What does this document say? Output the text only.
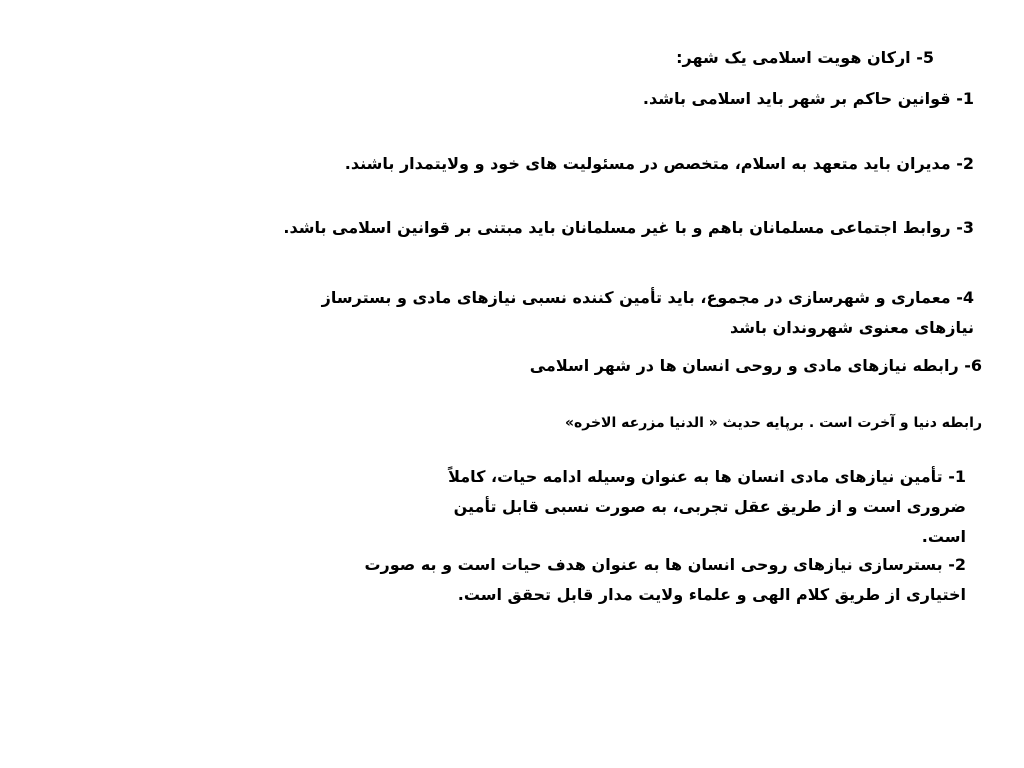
5- ارکان هویت اسلامی یک شهر:
1- قوانین حاکم بر شهر باید اسلامی باشد.
2- مدیران باید متعهد به اسلام، متخصص در مسئولیت های خود و ولایتمدار باشند.
3- روابط اجتماعی مسلمانان باهم و با غیر مسلمانان باید مبتنی بر قوانین اسلامی باشد.
4- معماری و شهرسازی در مجموع، باید تأمین کننده نسبی نیازهای مادی و بسترساز نیازهای معنوی شهروندان باشد
6- رابطه نیازهای مادی و روحی انسان ها در شهر اسلامی
رابطه دنیا و آخرت است . برپایه حدیث « الدنیا مزرعه الاخره»
1- تأمین نیازهای مادی انسان ها به عنوان وسیله ادامه حیات، کاملاً ضروری است و از طریق عقل تجربی، به صورت نسبی قابل تأمین است.
2- بسترسازی نیازهای روحی انسان ها به عنوان هدف حیات است و به صورت اختیاری از طریق کلام الهی و علماء ولایت مدار قابل تحقق است.
